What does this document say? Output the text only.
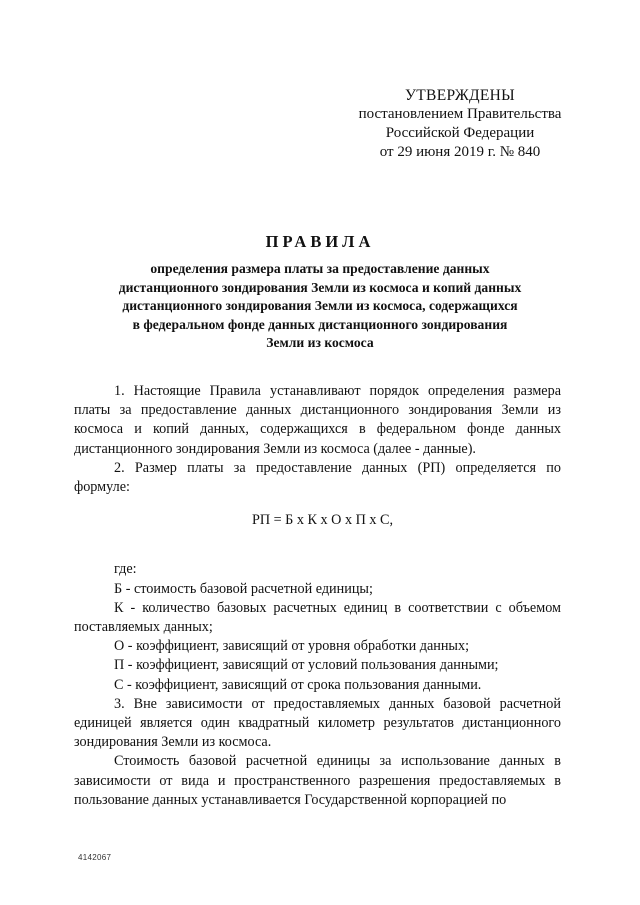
УТВЕРЖДЕНЫ
постановлением Правительства
Российской Федерации
от 29 июня 2019 г. № 840
ПРАВИЛА
определения размера платы за предоставление данных
дистанционного зондирования Земли из космоса и копий данных
дистанционного зондирования Земли из космоса, содержащихся
в федеральном фонде данных дистанционного зондирования
Земли из космоса

1. Настоящие Правила устанавливают порядок определения размера платы за предоставление данных дистанционного зондирования Земли из космоса и копий данных, содержащихся в федеральном фонде данных дистанционного зондирования Земли из космоса (далее - данные).

2. Размер платы за предоставление данных (РП) определяется по формуле:

РП = Б x К x О x П x С,

где:

Б - стоимость базовой расчетной единицы;

К - количество базовых расчетных единиц в соответствии с объемом поставляемых данных;

О - коэффициент, зависящий от уровня обработки данных;

П - коэффициент, зависящий от условий пользования данными;

С - коэффициент, зависящий от срока пользования данными.

3. Вне зависимости от предоставляемых данных базовой расчетной единицей является один квадратный километр результатов дистанционного зондирования Земли из космоса.

Стоимость базовой расчетной единицы за использование данных в зависимости от вида и пространственного разрешения предоставляемых в пользование данных устанавливается Государственной корпорацией по

4142067
